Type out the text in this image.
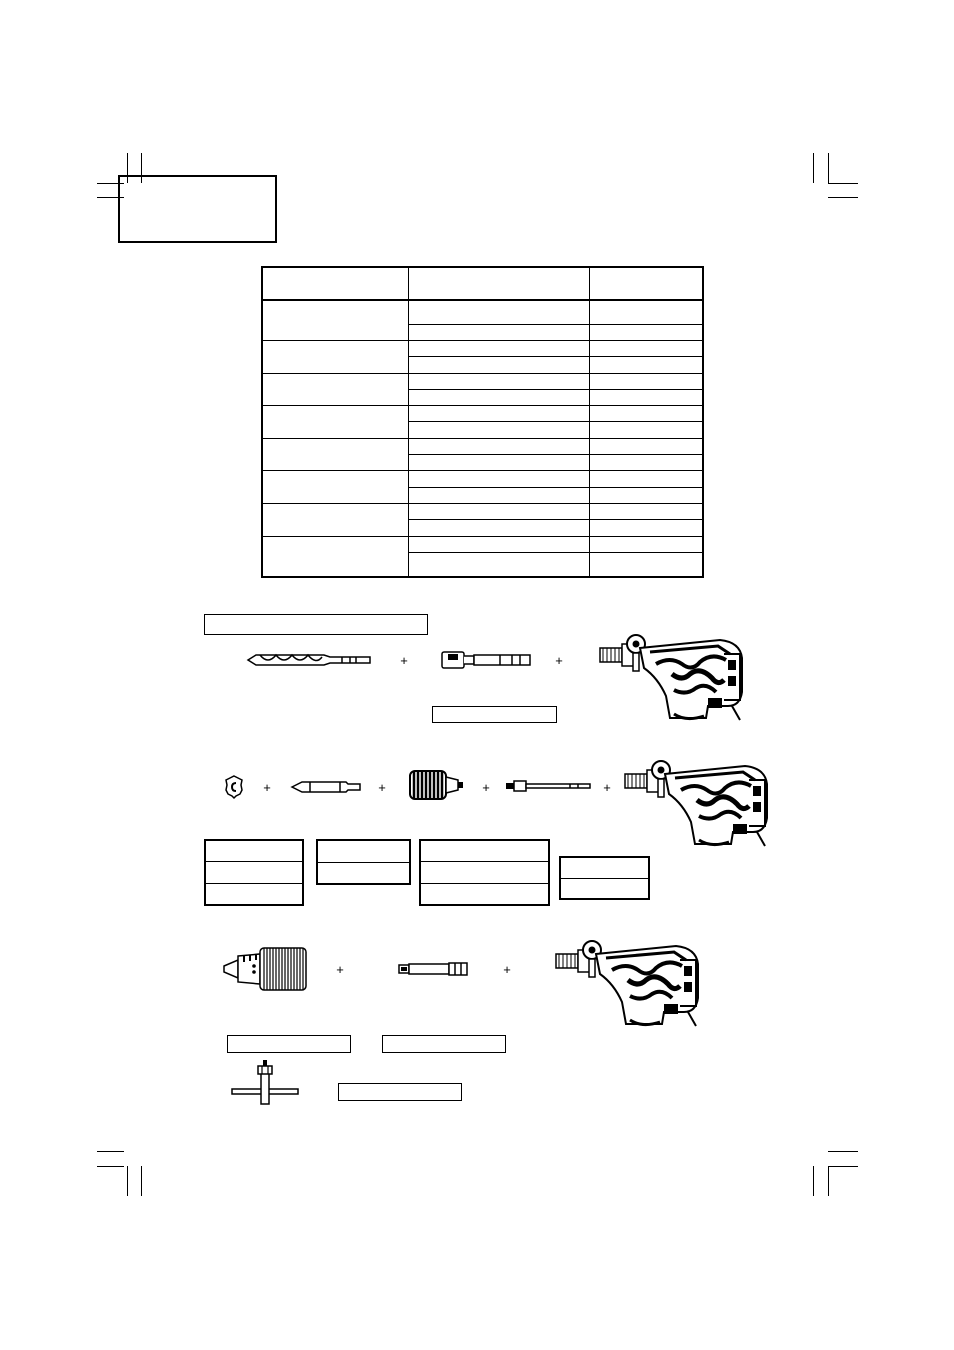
+	+
+	+	+	+
+	+
